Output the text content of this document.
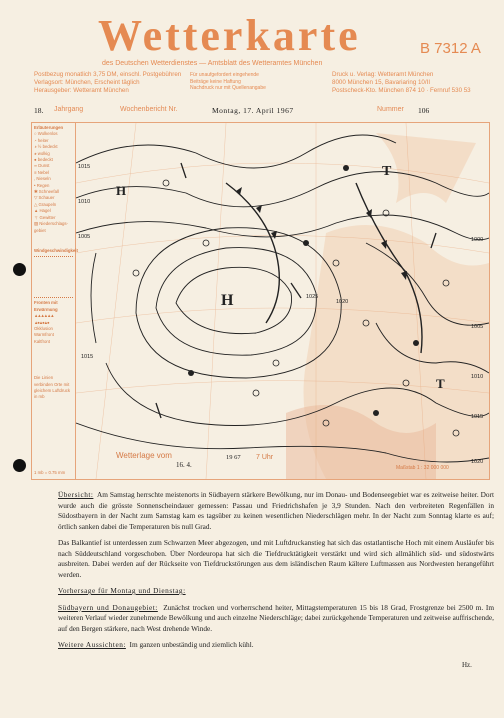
Wetterkarte	B 7312 A
des Deutschen Wetterdienstes — Amtsblatt des Wetteramtes München
Postbezug monatlich 3,75 DM, einschl. Postgebühren
Verlagsort: München, Erscheint täglich
Herausgeber: Wetteramt München
Für unaufgefordert eingehende
Beiträge keine Haftung
Nachdruck nur mit Quellenangabe
Druck u. Verlag: Wetteramt München
8000 München 15, Bavariaring 10/II
Postscheck-Kto. München 874 10 · Fernruf 530 53
18. Jahrgang	Wochenbericht Nr.	Montag, 17. April 1967	Nummer 106
Erläuterungen
○ Wolkenlos
◔ heiter
◑ ½ bedeckt
◕ wolkig
● bedeckt
∞ Dunst
≡ Nebel
, Nieseln
• Regen
✱ Schneefall
▽ Schauer
△ Graupeln
▲ Hagel
ㄎ Gewitter
▨ Niederschlags-gebiet
Windgeschwindigkeit
Fronten mit Erwärmung
▲▲▲▲▲▲
▲●▲●▲●
Okklusion
Warmfront
Kaltfront
Die Linien verbinden Orte mit gleichem Luftdruck in mb
1 mb = 0.75 mm
H
T
T
H
1015
1010
1005
1015
1020
1025
1000
1005
1010
1015
1020
Wetterlage vom
16. 4.
19 67 7 Uhr
Maßstab 1 : 32 000 000

Übersicht: Am Samstag herrschte meistenorts in Südbayern stärkere Bewölkung, nur im Donau- und Bodenseegebiet war es zeitweise heiter. Dort wurde auch die grösste Sonnenscheindauer gemessen: Passau und Friedrichshafen je 3,9 Stunden. Nach den verbreiteten Regenfällen in Südostbayern in der Nacht zum Samstag kam es tagsüber zu keinen wesentlichen Niederschlägen mehr. In der Nacht zum Sonntag klarte es auf; örtlich sanken dabei die Temperaturen bis null Grad.

Das Balkantief ist unterdessen zum Schwarzen Meer abgezogen, und mit Luftdruckanstieg hat sich das ostatlantische Hoch mit einem Ausläufer bis nach Süddeutschland vorgeschoben. Über Nordeuropa hat sich die Tiefdrucktätigkeit verstärkt und wird sich allmählich süd- und südostwärts ausbreiten. Dabei werden auf der Rückseite von Tiefdruckstörungen aus dem isländischen Raum kältere Luftmassen aus Nordwesten herangeführt werden.

Vorhersage für Montag und Dienstag:

Südbayern und Donaugebiet: Zunächst trocken und vorherrschend heiter, Mittagstemperaturen 15 bis 18 Grad, Frostgrenze bei 2500 m. Im weiteren Verlauf wieder zunehmende Bewölkung und auch einzelne Niederschläge; dabei zurückgehende Temperaturen und zeitweise auffrischende, auf den Bergen stärkere, nach West drehende Winde.

Weitere Aussichten: Im ganzen unbeständig und ziemlich kühl.

Hz.
